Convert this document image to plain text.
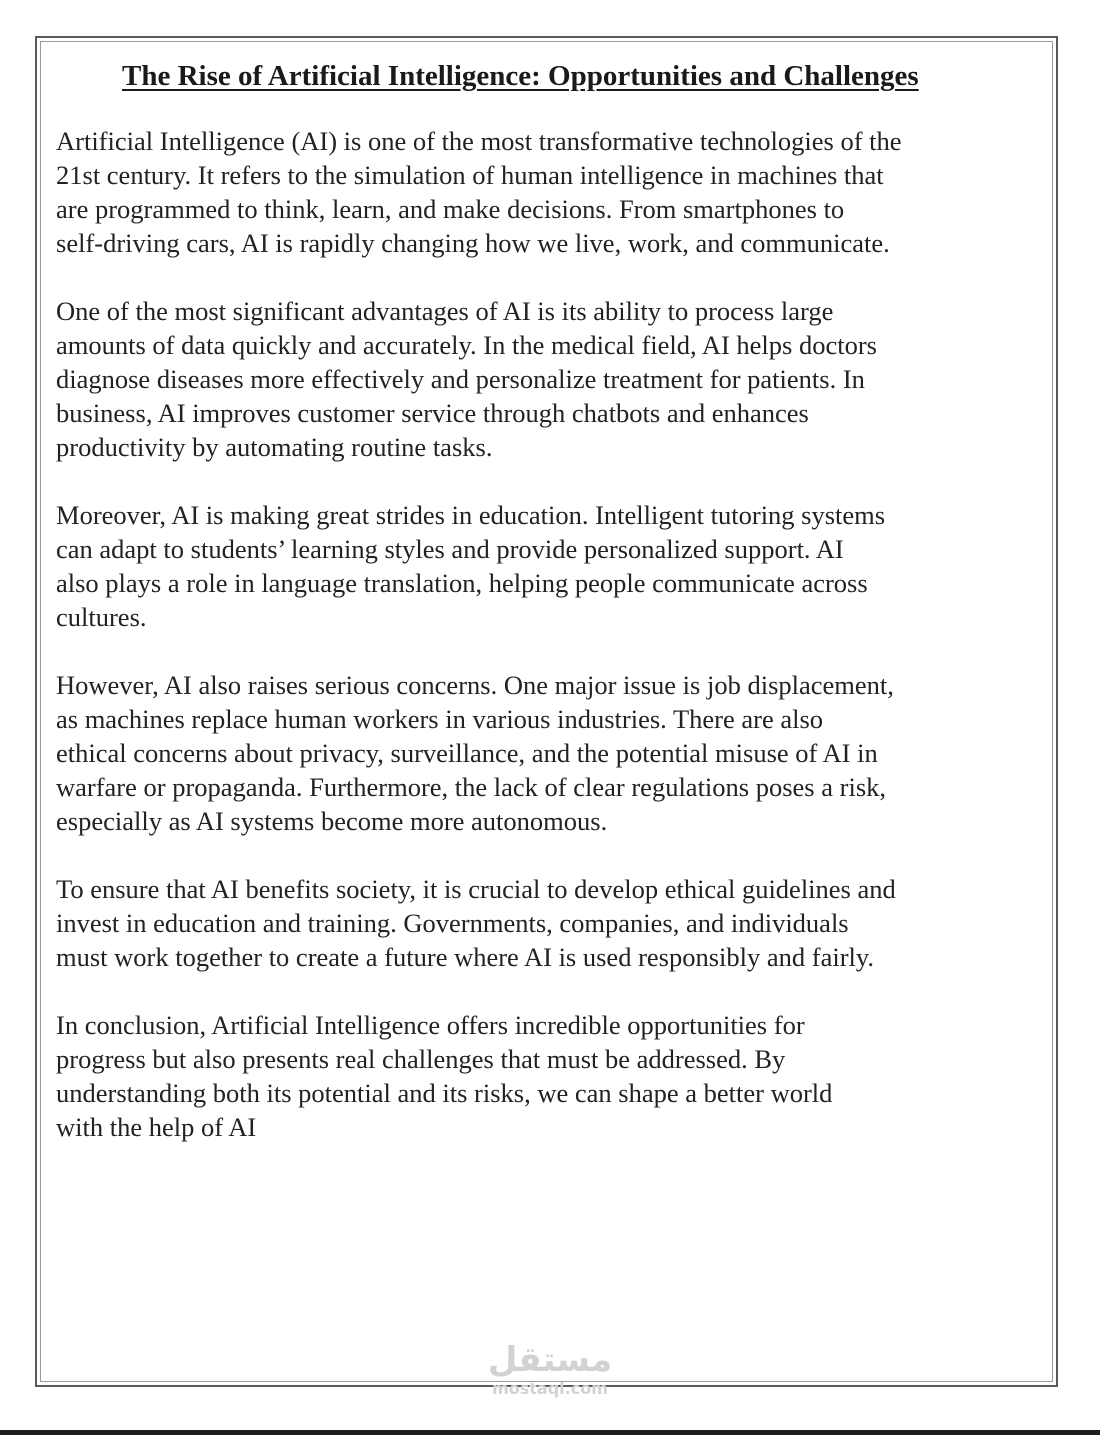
The Rise of Artificial Intelligence: Opportunities and Challenges

Artificial Intelligence (AI) is one of the most transformative technologies of the
21st century. It refers to the simulation of human intelligence in machines that
are programmed to think, learn, and make decisions. From smartphones to
self-driving cars, AI is rapidly changing how we live, work, and communicate.

One of the most significant advantages of AI is its ability to process large
amounts of data quickly and accurately. In the medical field, AI helps doctors
diagnose diseases more effectively and personalize treatment for patients. In
business, AI improves customer service through chatbots and enhances
productivity by automating routine tasks.

Moreover, AI is making great strides in education. Intelligent tutoring systems
can adapt to students’ learning styles and provide personalized support. AI
also plays a role in language translation, helping people communicate across
cultures.

However, AI also raises serious concerns. One major issue is job displacement,
as machines replace human workers in various industries. There are also
ethical concerns about privacy, surveillance, and the potential misuse of AI in
warfare or propaganda. Furthermore, the lack of clear regulations poses a risk,
especially as AI systems become more autonomous.

To ensure that AI benefits society, it is crucial to develop ethical guidelines and
invest in education and training. Governments, companies, and individuals
must work together to create a future where AI is used responsibly and fairly.

In conclusion, Artificial Intelligence offers incredible opportunities for
progress but also presents real challenges that must be addressed. By
understanding both its potential and its risks, we can shape a better world
with the help of AI

مستقل
mostaql.com
